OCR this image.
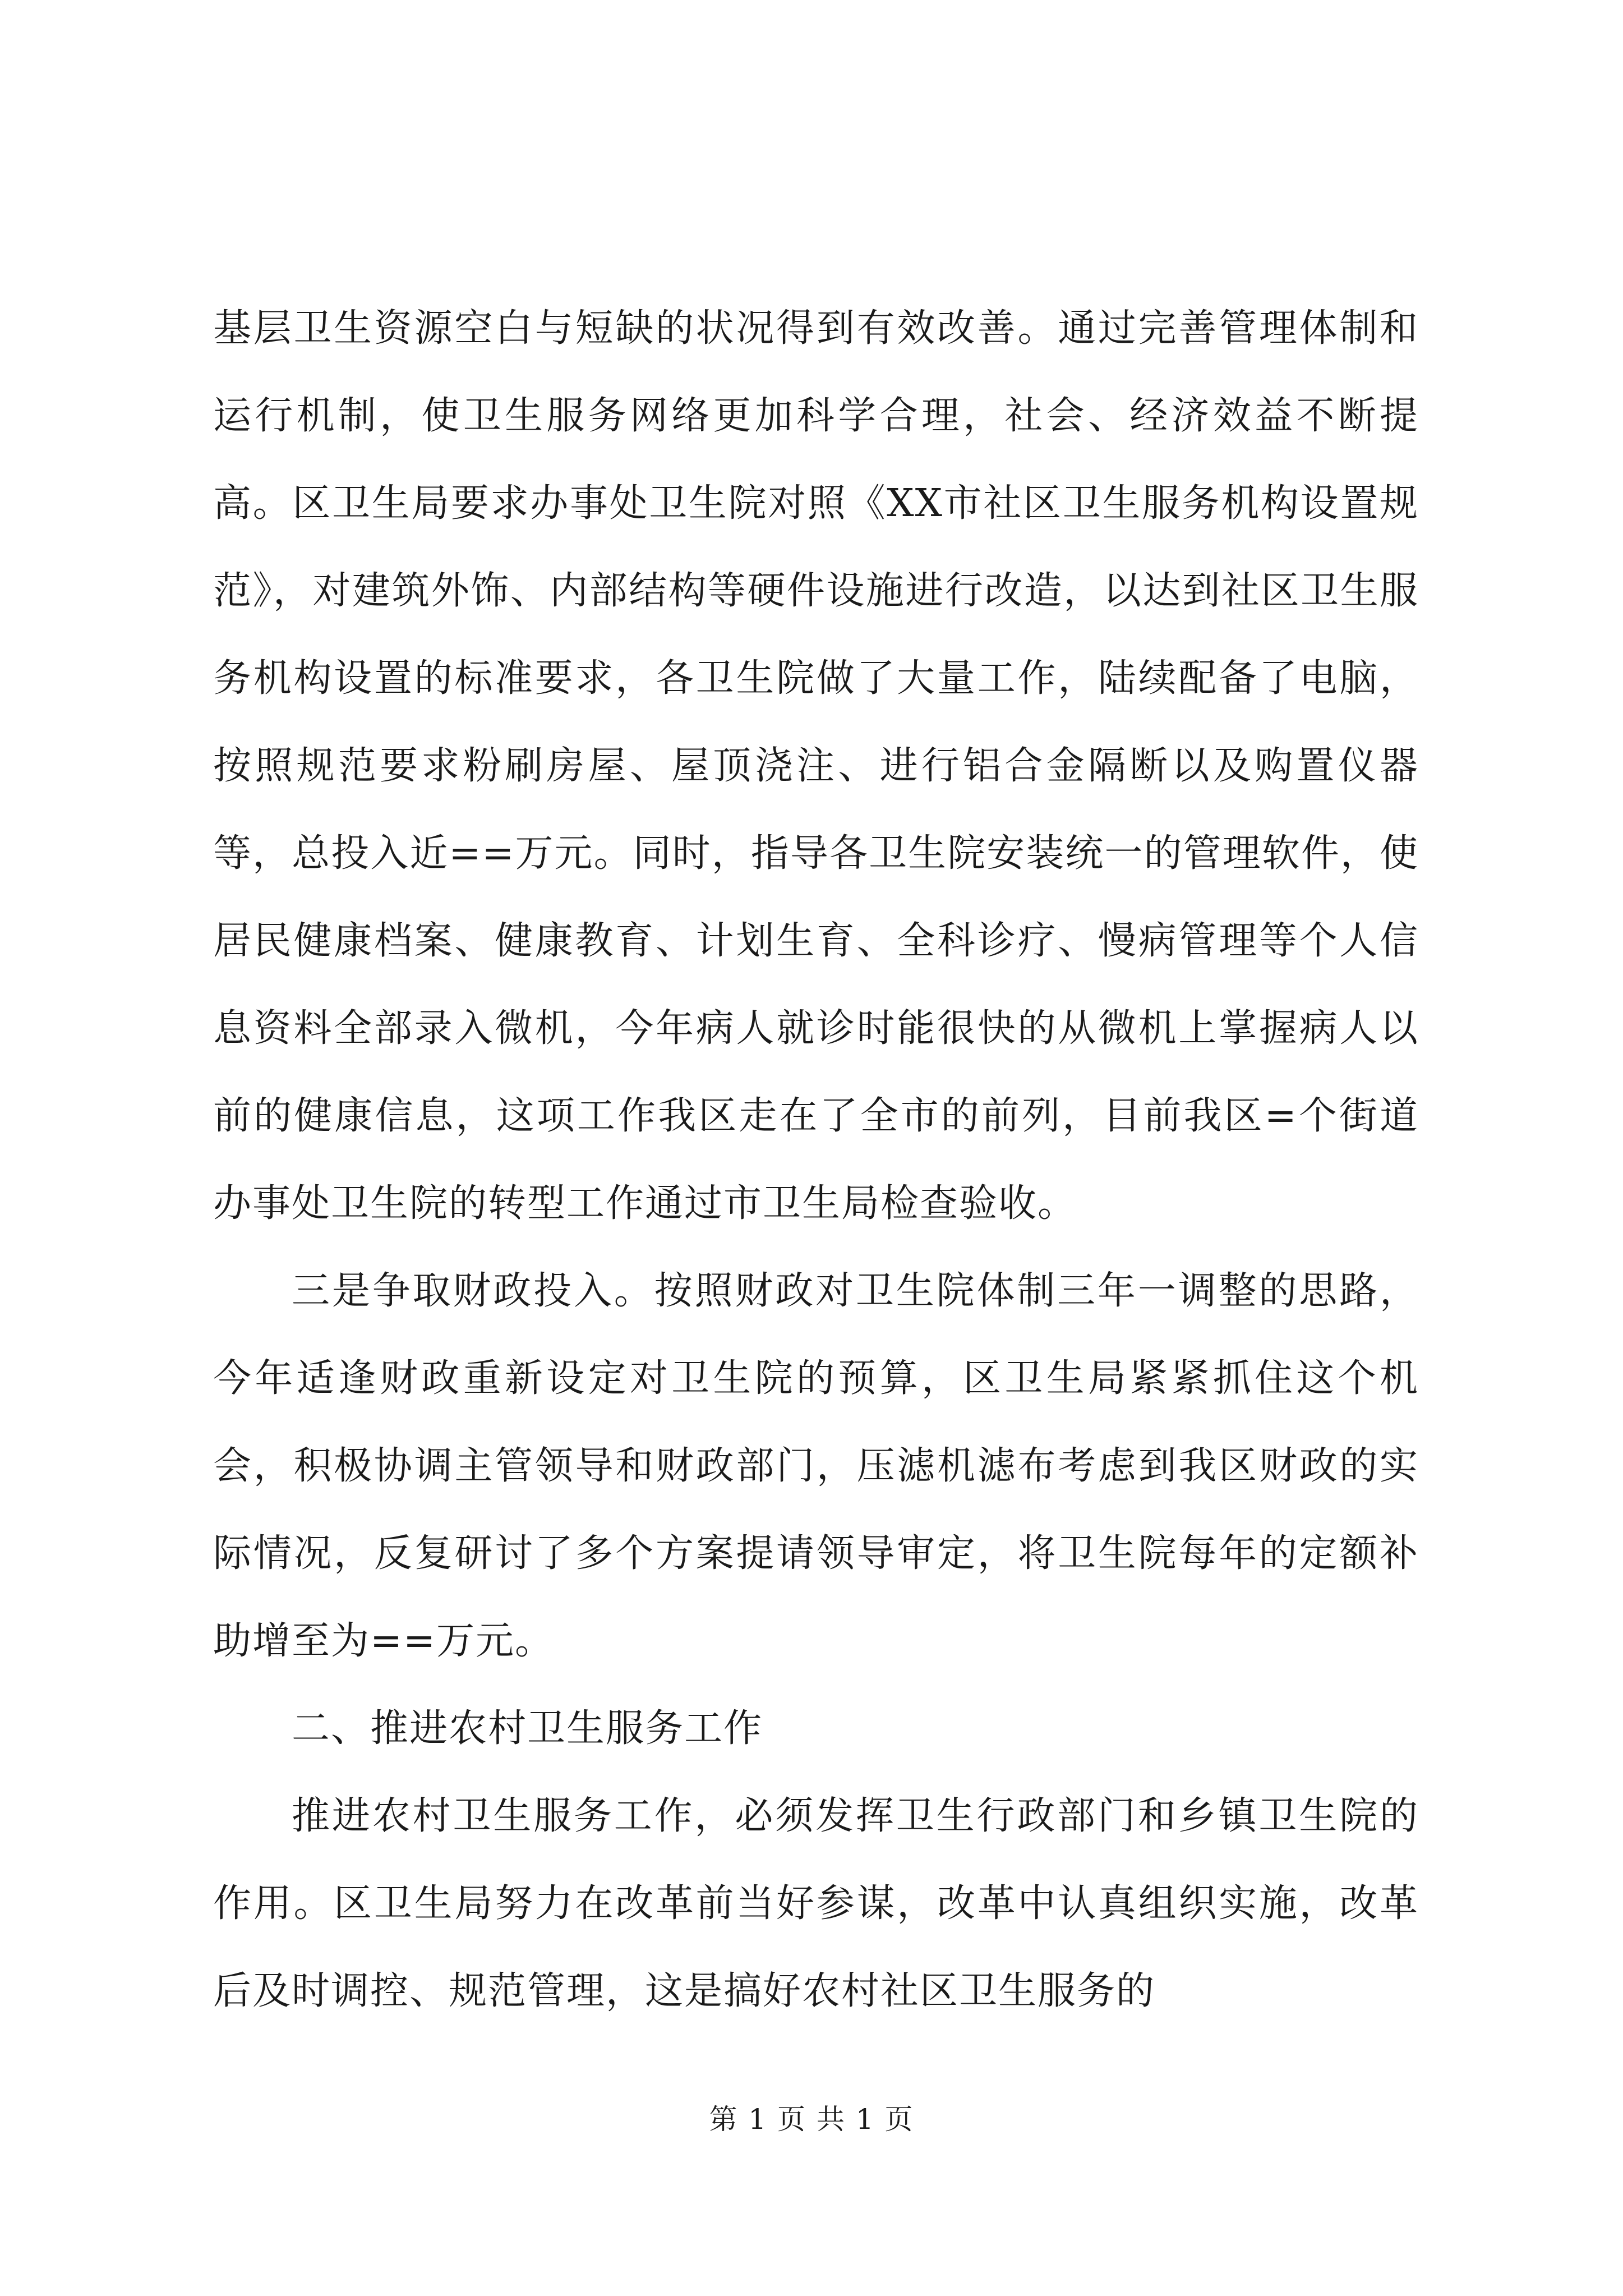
基层卫生资源空白与短缺的状况得到有效改善。通过完善管理体制和运行机制，使卫生服务网络更加科学合理，社会、经济效益不断提高。区卫生局要求办事处卫生院对照《XX市社区卫生服务机构设置规范》，对建筑外饰、内部结构等硬件设施进行改造，以达到社区卫生服务机构设置的标准要求，各卫生院做了大量工作，陆续配备了电脑，按照规范要求粉刷房屋、屋顶浇注、进行铝合金隔断以及购置仪器等，总投入近==万元。同时，指导各卫生院安装统一的管理软件，使居民健康档案、健康教育、计划生育、全科诊疗、慢病管理等个人信息资料全部录入微机，今年病人就诊时能很快的从微机上掌握病人以前的健康信息，这项工作我区走在了全市的前列，目前我区=个街道办事处卫生院的转型工作通过市卫生局检查验收。

三是争取财政投入。按照财政对卫生院体制三年一调整的思路，今年适逢财政重新设定对卫生院的预算，区卫生局紧紧抓住这个机会，积极协调主管领导和财政部门，压滤机滤布考虑到我区财政的实际情况，反复研讨了多个方案提请领导审定，将卫生院每年的定额补助增至为==万元。

二、推进农村卫生服务工作

推进农村卫生服务工作，必须发挥卫生行政部门和乡镇卫生院的作用。区卫生局努力在改革前当好参谋，改革中认真组织实施，改革后及时调控、规范管理，这是搞好农村社区卫生服务的

第 1 页 共 1 页
